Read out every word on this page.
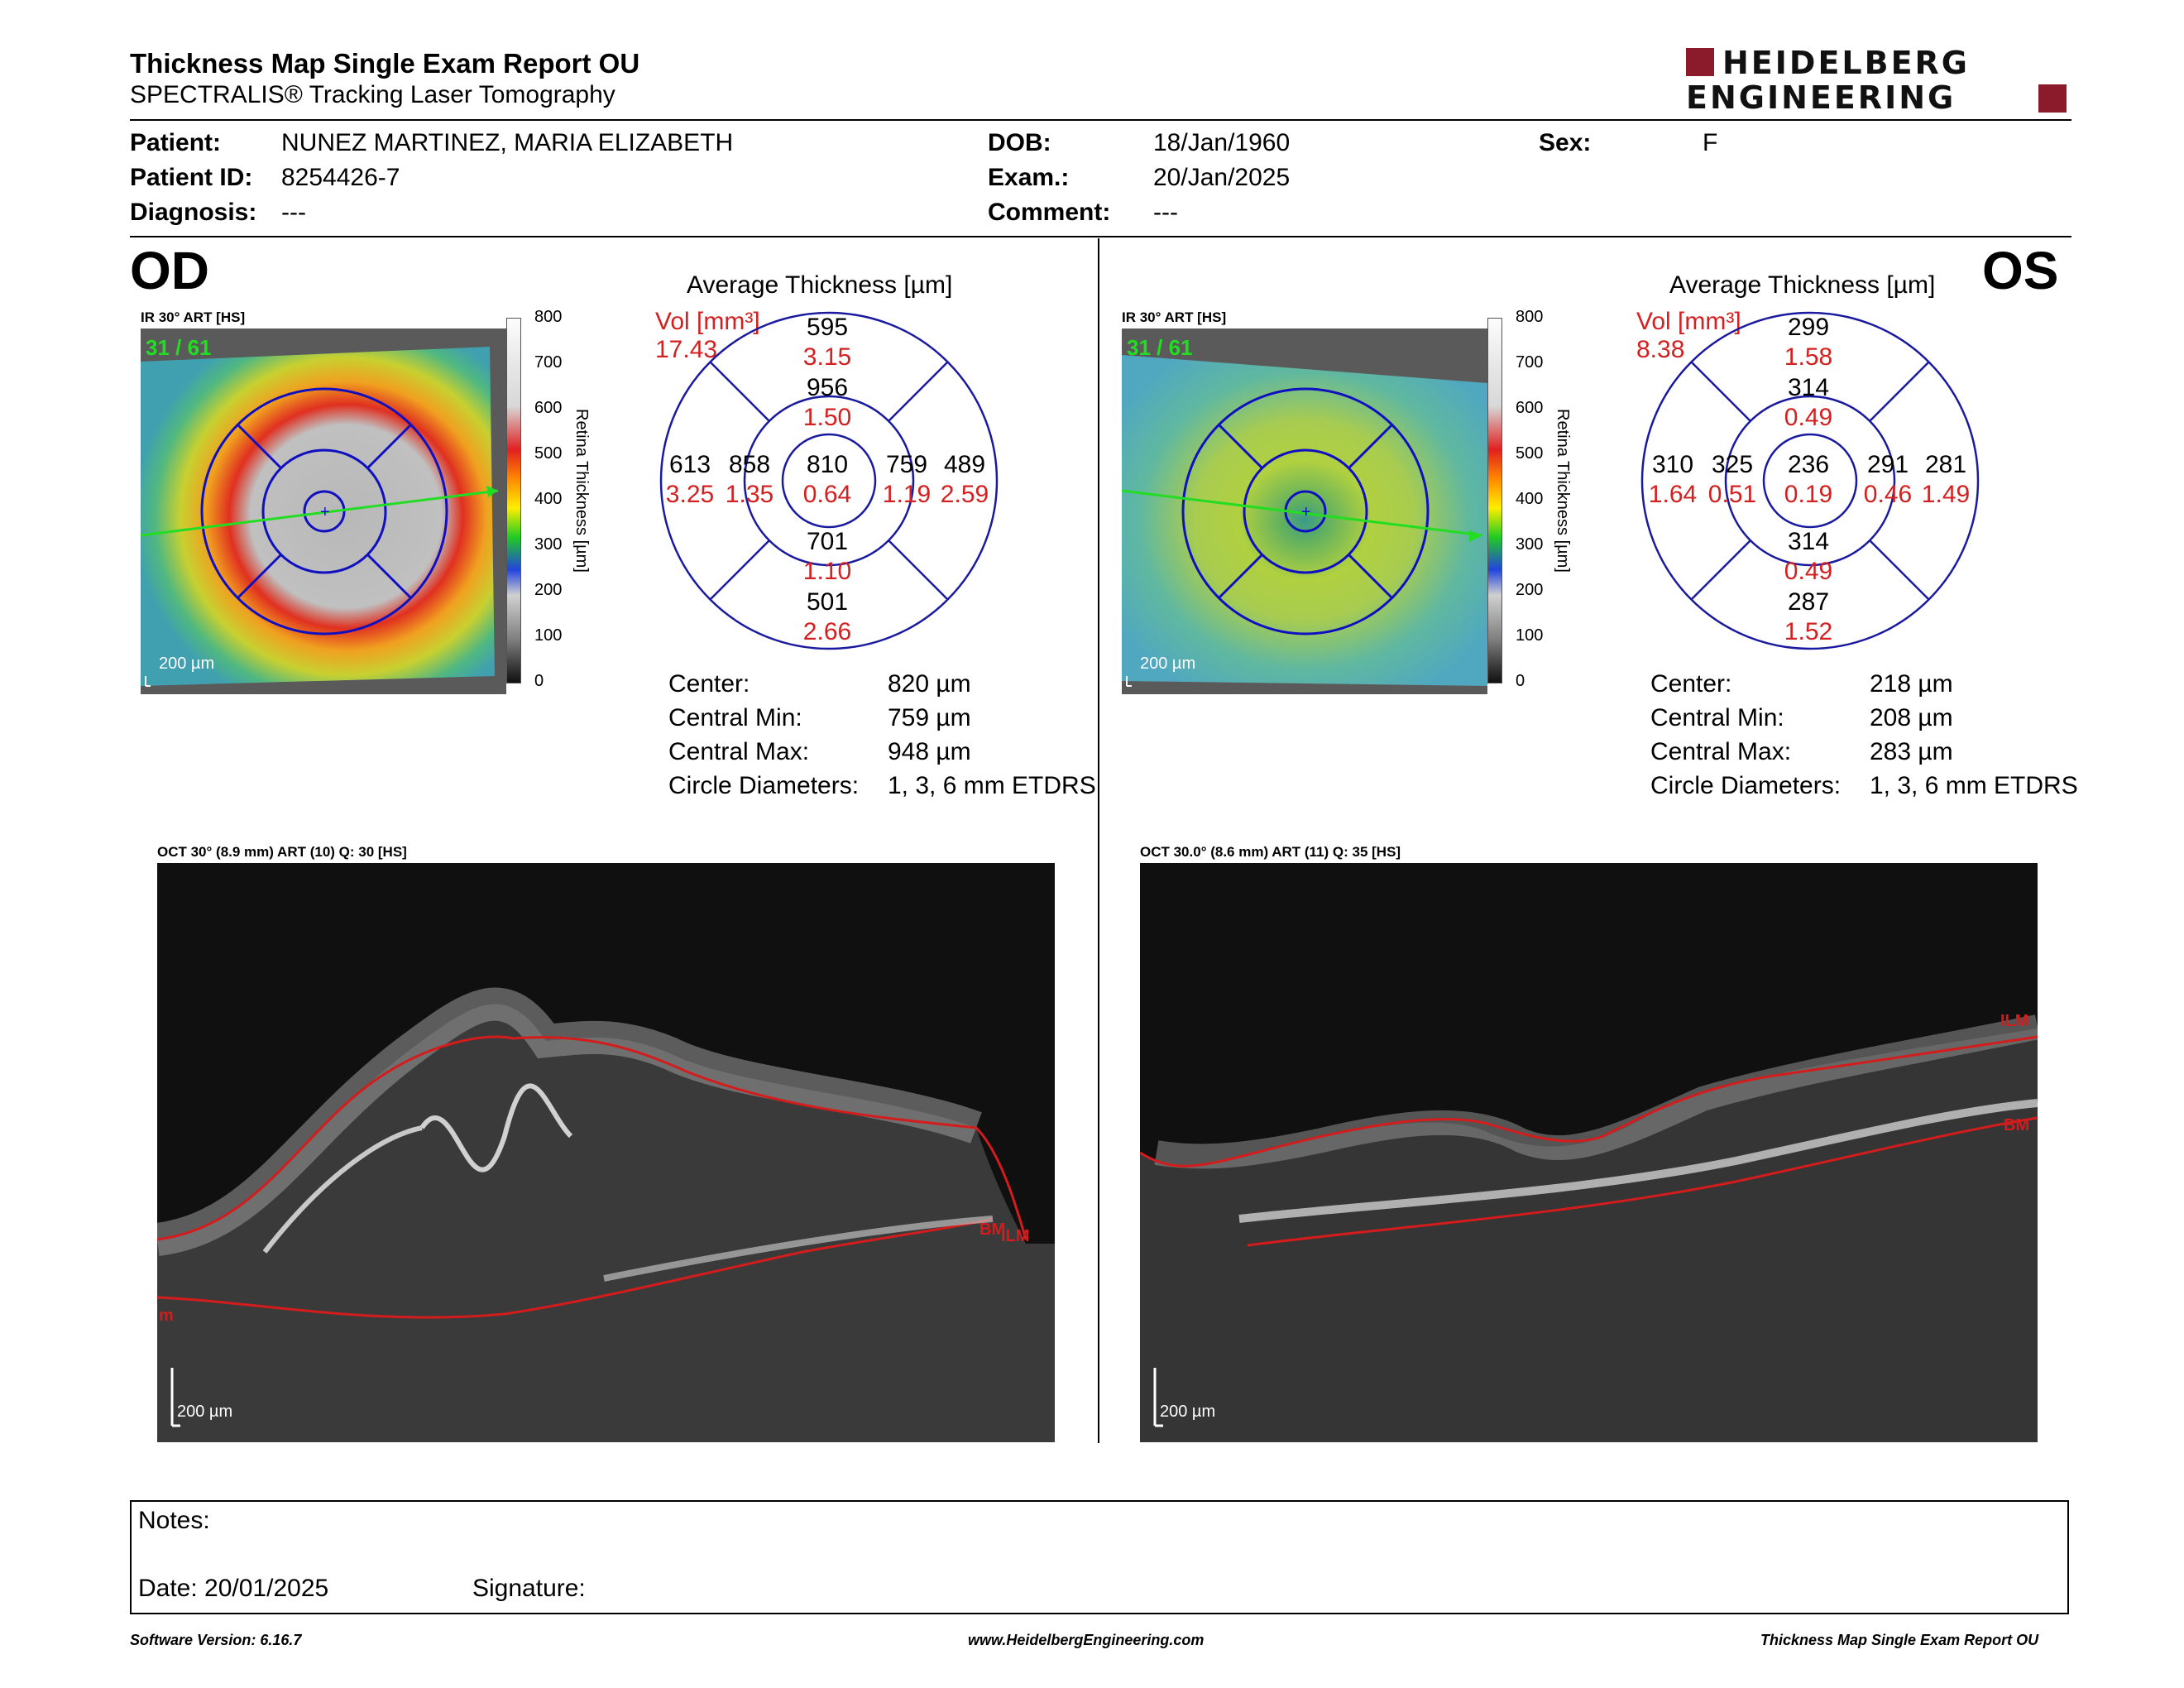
Thickness Map Single Exam Report OU
SPECTRALIS® Tracking Laser Tomography
HEIDELBERG
ENGINEERING
Patient: NUNEZ MARTINEZ, MARIA ELIZABETH
Patient ID: 8254426-7
Diagnosis: ---
DOB:	18/Jan/1960
Exam.:	20/Jan/2025
Comment: ---
Sex:	F
OD
IR 30° ART [HS]
+
31 / 61
200 µm
800
700
600
500
400
300
200
100
0
Retina Thickness [µm]
Average Thickness [µm]
Vol [mm³]
17.43
595
3.15
956
1.50
613
3.25
858
1.35
810
0.64
759
1.19
489
2.59
701
1.10
501
2.66
Center:	820 µm
Central Min:	759 µm
Central Max:	948 µm
Circle Diameters: 1, 3, 6 mm ETDRS
OCT 30° (8.9 mm) ART (10) Q: 30 [HS]
ILM
BM
m
200 µm
OS
IR 30° ART [HS]
+
31 / 61
200 µm
800
700
600
500
400
300
200
100
0
Retina Thickness [µm]
Average Thickness [µm]
Vol [mm³]
8.38
299
1.58
314
0.49
310
1.64
325
0.51
236
0.19
291
0.46
281
1.49
314
0.49
287
1.52
Center:	218 µm
Central Min:	208 µm
Central Max:	283 µm
Circle Diameters: 1, 3, 6 mm ETDRS
OCT 30.0° (8.6 mm) ART (11) Q: 35 [HS]
ILM
BM
200 µm
Notes:
Date: 20/01/2025	Signature:
Software Version: 6.16.7	www.HeidelbergEngineering.com	Thickness Map Single Exam Report OU
